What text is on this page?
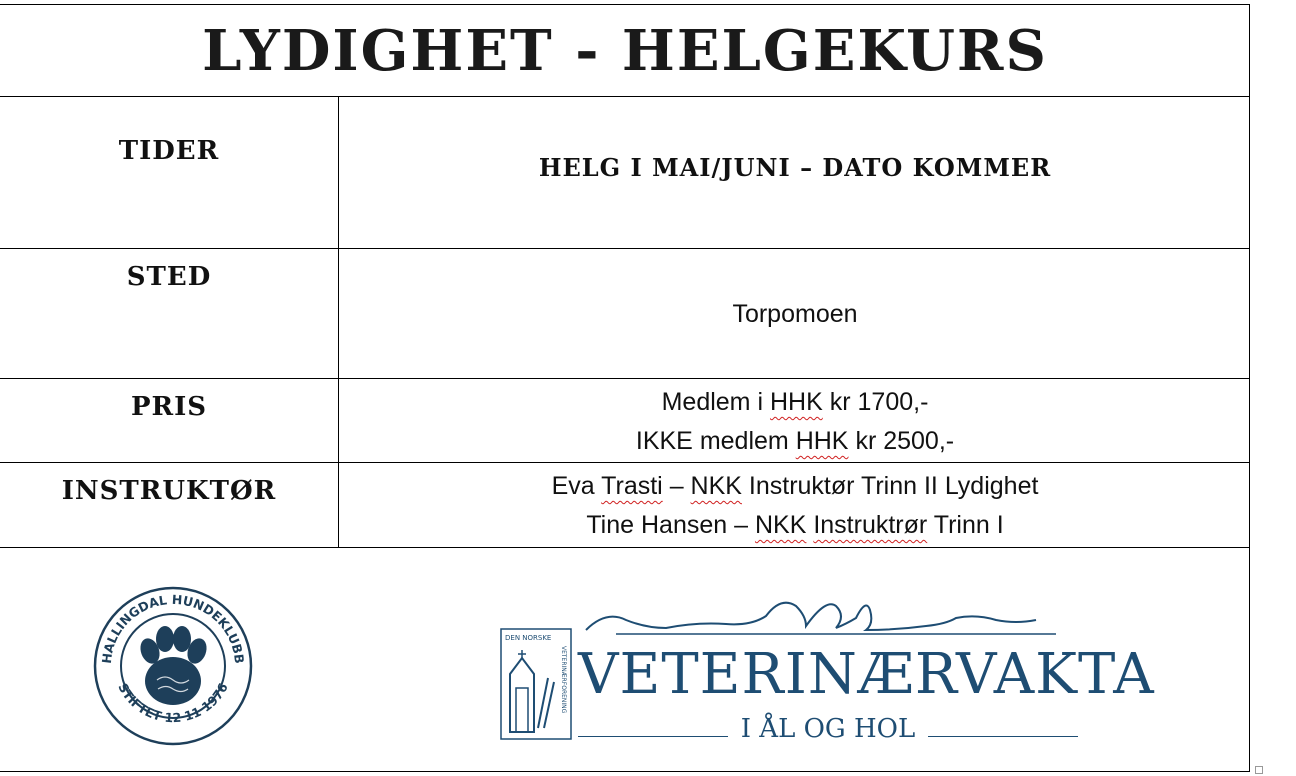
LYDIGHET - HELGEKURS
TIDER
HELG I MAI/JUNI – DATO KOMMER
STED
Torpomoen
PRIS	Medlem i HHK kr 1700,-
IKKE medlem HHK kr 2500,-
INSTRUKTØR	Eva Trasti – NKK Instruktør Trinn II Lydighet
Tine Hansen – NKK Instruktrør Trinn I
HALLINGDAL HUNDEKLUBB
STIFTET 12 11 1976
DEN NORSKE
VETERINÆRFORENING VETERINÆRVAKTA
I ÅL OG HOL
